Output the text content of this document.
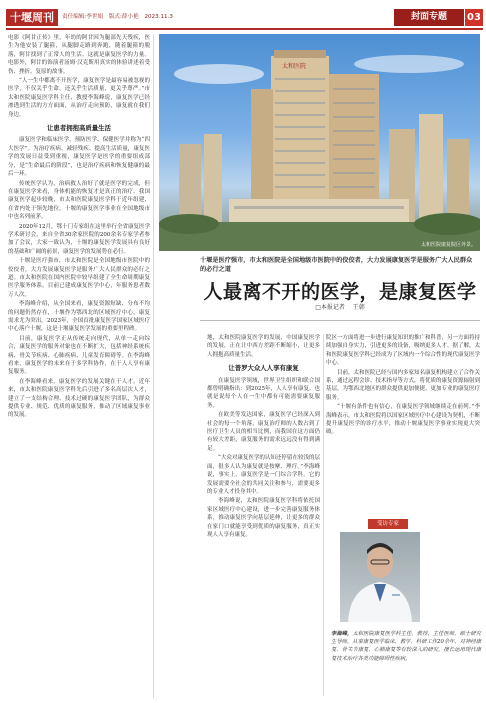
十堰周刊	责任编辑:李世娟 版式:薛小艳 2023.11.3	封面专题	03

电影《阿甘正传》里，年幼的阿甘因为腿部先天残疾，医生为他安装了腿箍，从腿脚走路到奔跑，随着腿箍的脱落，阿甘找到了正常人的生活。这就是康复医学的力量。电影外，阿甘的饰演者汤姆·汉克斯用真实的体验讲述着受伤、挫折、复原的故事。

“人一生中都离不开医学，康复医学是最容易被忽视的医学，不仅关乎生命，还关乎生活质量，更关乎尊严。”市太和医院康复医学科主任、教授李海峰说，康复医学已经渗透到生活的方方面面，从治疗走向预防，康复就在我们身边。

让患者拥抱高质量生活

康复医学和临床医学、预防医学、保健医学并称为“四大医学”。为治疗疾病、减轻残疾、提高生活质量，康复医学的发展日益受到重视，康复医学是医学的重要组成部分，是“生命最后的阶段”，也是治疗疾病和恢复健康的最后一环。

传统医学认为，治病救人治好了就是医学的完成，但在康复医学来看，身体机能的恢复才是真正的治疗。我国康复医学起步较晚，市太和医院康复医学科于近年组建，在省内处于领先地位，十堰的康复医学事业在全国地级市中也名列前茅。

2020年12月，鄂十门专家组在这里举行全省康复医学学术研讨会，来自全省30余家医院的200余名专家学者参加了会议，大家一致认为，十堰的康复医学发展具有良好的基础和广阔的前景，康复医学的发展势在必行。

十堰是医疗强市，市太和医院是全国地级市医院中的佼佼者，大力发展康复医学是服务广大人民群众的必行之道。市太和医院在国内医院中较早组建了全生命周期康复医学服务体系，目前已建成康复医学中心，年服务患者数万人次。

李海峰介绍，从全国来看，康复资源短缺、分布不均的问题仍然存在，十堰作为鄂西北的区域医疗中心，康复需求尤为突出。2023年，全国首批康复医学国家区域医疗中心落户十堰，这是十堰康复医学发展的重要里程碑。

目前，康复医学正从传统走向现代，从单一走向综合，康复医学的服务对象也在不断扩大，包括神经系统疾病、骨关节疾病、心肺疾病、儿童发育障碍等。在李海峰看来，康复医学的未来在于多学科协作，在于人人享有康复服务。

在李海峰看来，康复医学的发展关键在于人才。近年来，市太和医院康复医学科先后引进了多名高层次人才，建立了一支结构合理、技术过硬的康复医学团队，为群众提供专业、规范、优质的康复服务，推动了区域康复事业的发展。

太和医院
太和医院康复院区外景。
十堰是医疗强市，市太和医院是全国地级市医院中的佼佼者，大力发展康复医学是服务广大人民群众的必行之道
人最离不开的医学，是康复医学
□本报记者 王韩

地，太和医院康复医学的发展，中国康复医学的发展，正在让中西方差距不断缩小，让更多人拥抱高质量生活。

让普罗大众人人享有康复

在康复医学领域，世界卫生组织和联合国都曾明确指出：到2025年，人人享有康复。也就是说每个人在一生中都有可能需要康复服务。

在欧美等发达国家，康复医学已经深入到社会的每一个角落，康复治疗师的人数占到了医疗卫生人员的相当比例，而我国在这方面仍有较大差距，康复服务的需求远远没有得到满足。

“大众对康复医学的认知还停留在较浅的层面，很多人认为康复就是按摩、理疗。”李海峰说，事实上，康复医学是一门综合学科，它的发展需要全社会的共同关注和参与，需要更多的专业人才投身其中。

李海峰说，太和医院康复医学科将依托国家区域医疗中心建设，进一步完善康复服务体系，推动康复医学向基层延伸，让更多的群众在家门口就能享受到优质的康复服务，真正实现人人享有康复。

院区一方面将进一步进行康复知识的推广和科普，另一方面将持续加强自身实力，引进更多的设备，吸纳更多人才。据了解，太和医院康复医学科已经成为了区域内一个综合性的现代康复医学中心。

目前，太和医院已经与国内多家知名康复机构建立了合作关系，通过远程会诊、技术指导等方式，将优质的康复资源辐射到基层，为鄂西北地区的群众提供更加便捷、更加专业的康复医疗服务。

“十堰有条件也有信心，在康复医学领域继续走在前列。”李海峰表示，市太和医院将以国家区域医疗中心建设为契机，不断提升康复医学的诊疗水平，推动十堰康复医学事业实现更大突破。

受访专家
李海峰，太和医院康复医学科主任，教授，主任医师，硕士研究生导师。从事康复医学临床、教学、科研工作20余年，对神经康复、骨关节康复、心肺康复等有较深入的研究，擅长运用现代康复技术治疗各类功能障碍性疾病。
